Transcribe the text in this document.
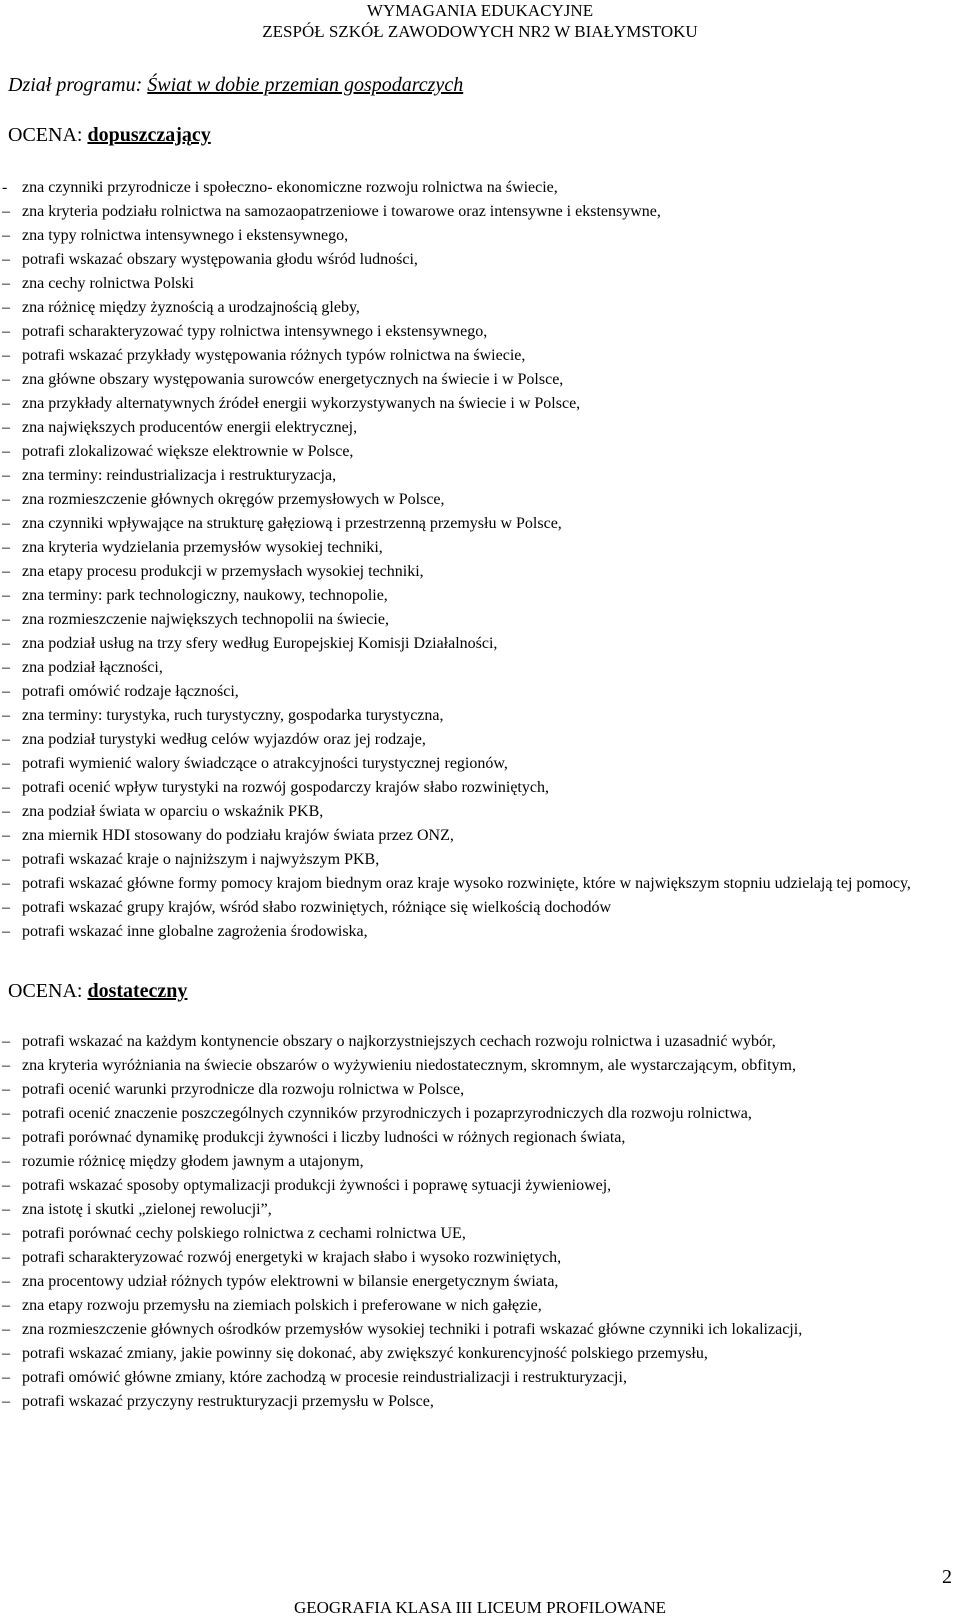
WYMAGANIA EDUKACYJNE
ZESPÓŁ SZKÓŁ ZAWODOWYCH NR2 W BIAŁYMSTOKU
Dział programu: Świat w dobie przemian gospodarczych
OCENA: dopuszczający
- zna czynniki przyrodnicze i społeczno- ekonomiczne rozwoju rolnictwa na świecie,
– zna kryteria podziału rolnictwa na samozaopatrzeniowe i towarowe oraz intensywne i ekstensywne,
– zna typy rolnictwa intensywnego i ekstensywnego,
– potrafi wskazać obszary występowania głodu wśród ludności,
– zna cechy rolnictwa Polski
– zna różnicę między żyznością a urodzajnością gleby,
– potrafi scharakteryzować typy rolnictwa intensywnego i ekstensywnego,
– potrafi wskazać przykłady występowania różnych typów rolnictwa na świecie,
– zna główne obszary występowania surowców energetycznych na świecie i w Polsce,
– zna przykłady alternatywnych źródeł energii wykorzystywanych na świecie i w Polsce,
– zna największych producentów energii elektrycznej,
– potrafi zlokalizować większe elektrownie w Polsce,
– zna terminy: reindustrializacja i restrukturyzacja,
– zna rozmieszczenie głównych okręgów przemysłowych w Polsce,
– zna czynniki wpływające na strukturę gałęziową i przestrzenną przemysłu w Polsce,
– zna kryteria wydzielania przemysłów wysokiej techniki,
– zna etapy procesu produkcji w przemysłach wysokiej techniki,
– zna terminy: park technologiczny, naukowy, technopolie,
– zna rozmieszczenie największych technopolii na świecie,
– zna podział usług na trzy sfery według Europejskiej Komisji Działalności,
– zna podział łączności,
– potrafi omówić rodzaje łączności,
– zna terminy: turystyka, ruch turystyczny, gospodarka turystyczna,
– zna podział turystyki według celów wyjazdów oraz jej rodzaje,
– potrafi wymienić walory świadczące o atrakcyjności turystycznej regionów,
– potrafi ocenić wpływ turystyki na rozwój gospodarczy krajów słabo rozwiniętych,
– zna podział świata w oparciu o wskaźnik PKB,
– zna miernik HDI stosowany do podziału krajów świata przez ONZ,
– potrafi wskazać kraje o najniższym i najwyższym PKB,
– potrafi wskazać główne formy pomocy krajom biednym oraz kraje wysoko rozwinięte, które w największym stopniu udzielają tej pomocy,
– potrafi wskazać grupy krajów, wśród słabo rozwiniętych, różniące się wielkością dochodów
– potrafi wskazać inne globalne zagrożenia środowiska,
OCENA: dostateczny
– potrafi wskazać na każdym kontynencie obszary o najkorzystniejszych cechach rozwoju rolnictwa i uzasadnić wybór,
– zna kryteria wyróżniania na świecie obszarów o wyżywieniu niedostatecznym, skromnym, ale wystarczającym, obfitym,
– potrafi ocenić warunki przyrodnicze dla rozwoju rolnictwa w Polsce,
– potrafi ocenić znaczenie poszczególnych czynników przyrodniczych i pozaprzyrodniczych dla rozwoju rolnictwa,
– potrafi porównać dynamikę produkcji żywności i liczby ludności w różnych regionach świata,
– rozumie różnicę między głodem jawnym a utajonym,
– potrafi wskazać sposoby optymalizacji produkcji żywności i poprawę sytuacji żywieniowej,
– zna istotę i skutki „zielonej rewolucji”,
– potrafi porównać cechy polskiego rolnictwa z cechami rolnictwa UE,
– potrafi scharakteryzować rozwój energetyki w krajach słabo i wysoko rozwiniętych,
– zna procentowy udział różnych typów elektrowni w bilansie energetycznym świata,
– zna etapy rozwoju przemysłu na ziemiach polskich i preferowane w nich gałęzie,
– zna rozmieszczenie głównych ośrodków przemysłów wysokiej techniki i potrafi wskazać główne czynniki ich lokalizacji,
– potrafi wskazać zmiany, jakie powinny się dokonać, aby zwiększyć konkurencyjność polskiego przemysłu,
– potrafi omówić główne zmiany, które zachodzą w procesie reindustrializacji i restrukturyzacji,
– potrafi wskazać przyczyny restrukturyzacji przemysłu w Polsce,
2
GEOGRAFIA KLASA III LICEUM PROFILOWANE
